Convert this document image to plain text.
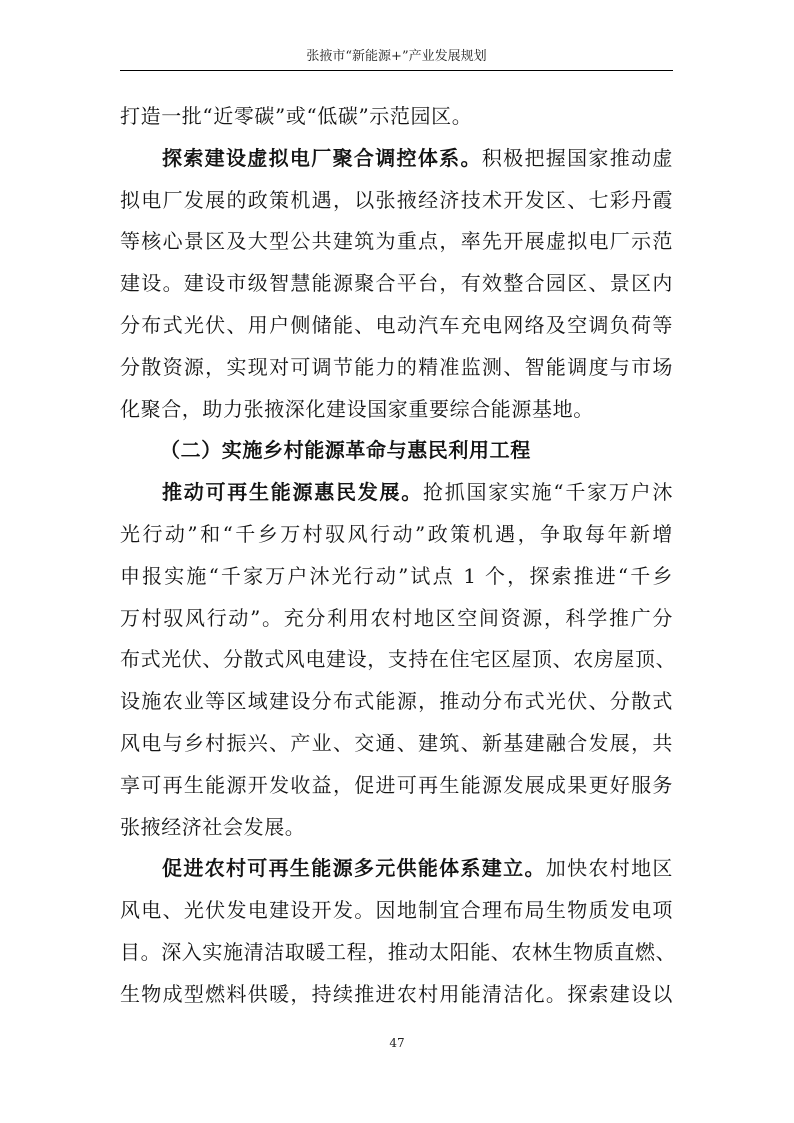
张掖市“新能源+”产业发展规划
打造一批“近零碳”或“低碳”示范园区。
探索建设虚拟电厂聚合调控体系。积极把握国家推动虚
拟电厂发展的政策机遇，以张掖经济技术开发区、七彩丹霞
等核心景区及大型公共建筑为重点，率先开展虚拟电厂示范
建设。建设市级智慧能源聚合平台，有效整合园区、景区内
分布式光伏、用户侧储能、电动汽车充电网络及空调负荷等
分散资源，实现对可调节能力的精准监测、智能调度与市场
化聚合，助力张掖深化建设国家重要综合能源基地。
（二）实施乡村能源革命与惠民利用工程
推动可再生能源惠民发展。抢抓国家实施“千家万户沐
光行动”和“千乡万村驭风行动”政策机遇，争取每年新增
申报实施“千家万户沐光行动”试点 1 个，探索推进“千乡
万村驭风行动”。充分利用农村地区空间资源，科学推广分
布式光伏、分散式风电建设，支持在住宅区屋顶、农房屋顶、
设施农业等区域建设分布式能源，推动分布式光伏、分散式
风电与乡村振兴、产业、交通、建筑、新基建融合发展，共
享可再生能源开发收益，促进可再生能源发展成果更好服务
张掖经济社会发展。
促进农村可再生能源多元供能体系建立。加快农村地区
风电、光伏发电建设开发。因地制宜合理布局生物质发电项
目。深入实施清洁取暖工程，推动太阳能、农林生物质直燃、
生物成型燃料供暖，持续推进农村用能清洁化。探索建设以
47
